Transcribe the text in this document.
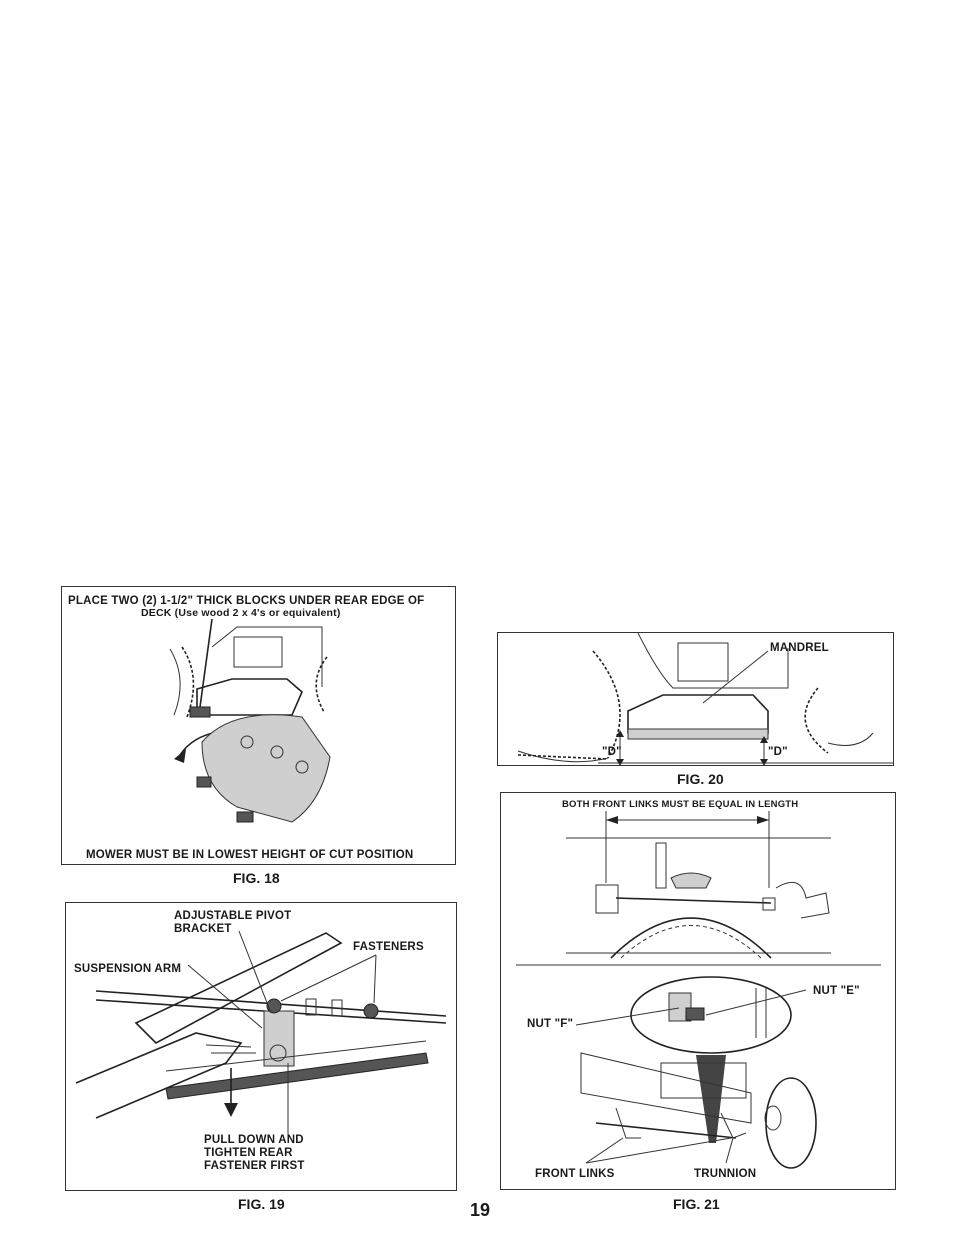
PLACE TWO (2) 1-1/2" THICK BLOCKS UNDER REAR EDGE OF
DECK (Use wood 2 x 4's or equivalent)
MOWER MUST BE IN LOWEST HEIGHT OF CUT POSITION
FIG. 18
ADJUSTABLE PIVOT
BRACKET
FASTENERS
SUSPENSION ARM
PULL DOWN AND
TIGHTEN REAR
FASTENER FIRST
FIG. 19
MANDREL
"D"	"D"
FIG. 20
BOTH FRONT LINKS MUST BE EQUAL IN LENGTH
NUT "E"
NUT "F"
FRONT LINKS	TRUNNION
FIG. 21
19
